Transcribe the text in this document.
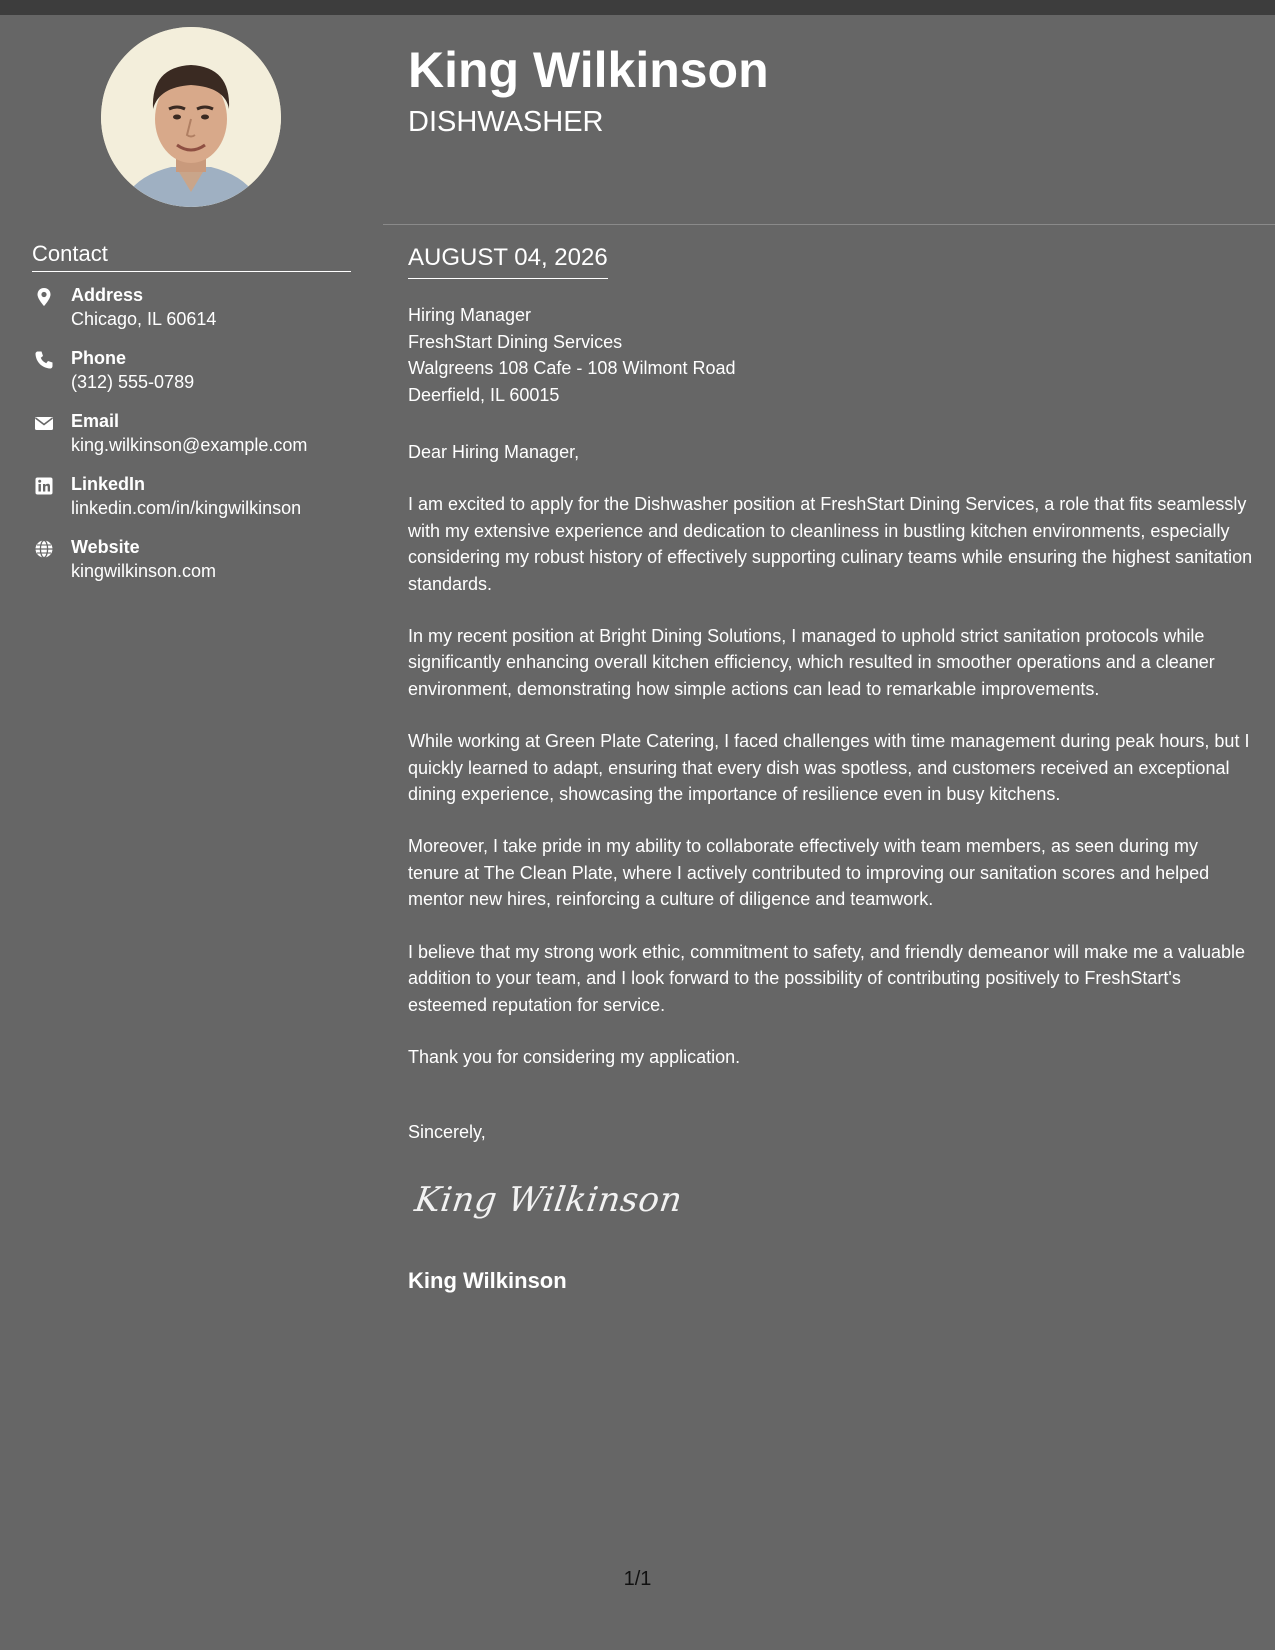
Contact
Address
Chicago, IL 60614
Phone
(312) 555-0789
Email
king.wilkinson@example.com
LinkedIn
linkedin.com/in/kingwilkinson
Website
kingwilkinson.com
King Wilkinson
DISHWASHER
AUGUST 04, 2026
Hiring Manager
FreshStart Dining Services
Walgreens 108 Cafe - 108 Wilmont Road
Deerfield, IL 60015

Dear Hiring Manager,

I am excited to apply for the Dishwasher position at FreshStart Dining Services, a role that fits seamlessly with my extensive experience and dedication to cleanliness in bustling kitchen environments, especially considering my robust history of effectively supporting culinary teams while ensuring the highest sanitation standards.

In my recent position at Bright Dining Solutions, I managed to uphold strict sanitation protocols while significantly enhancing overall kitchen efficiency, which resulted in smoother operations and a cleaner environment, demonstrating how simple actions can lead to remarkable improvements.

While working at Green Plate Catering, I faced challenges with time management during peak hours, but I quickly learned to adapt, ensuring that every dish was spotless, and customers received an exceptional dining experience, showcasing the importance of resilience even in busy kitchens.

Moreover, I take pride in my ability to collaborate effectively with team members, as seen during my tenure at The Clean Plate, where I actively contributed to improving our sanitation scores and helped mentor new hires, reinforcing a culture of diligence and teamwork.

I believe that my strong work ethic, commitment to safety, and friendly demeanor will make me a valuable addition to your team, and I look forward to the possibility of contributing positively to FreshStart's esteemed reputation for service.

Thank you for considering my application.

Sincerely,
King Wilkinson
King Wilkinson
1/1
